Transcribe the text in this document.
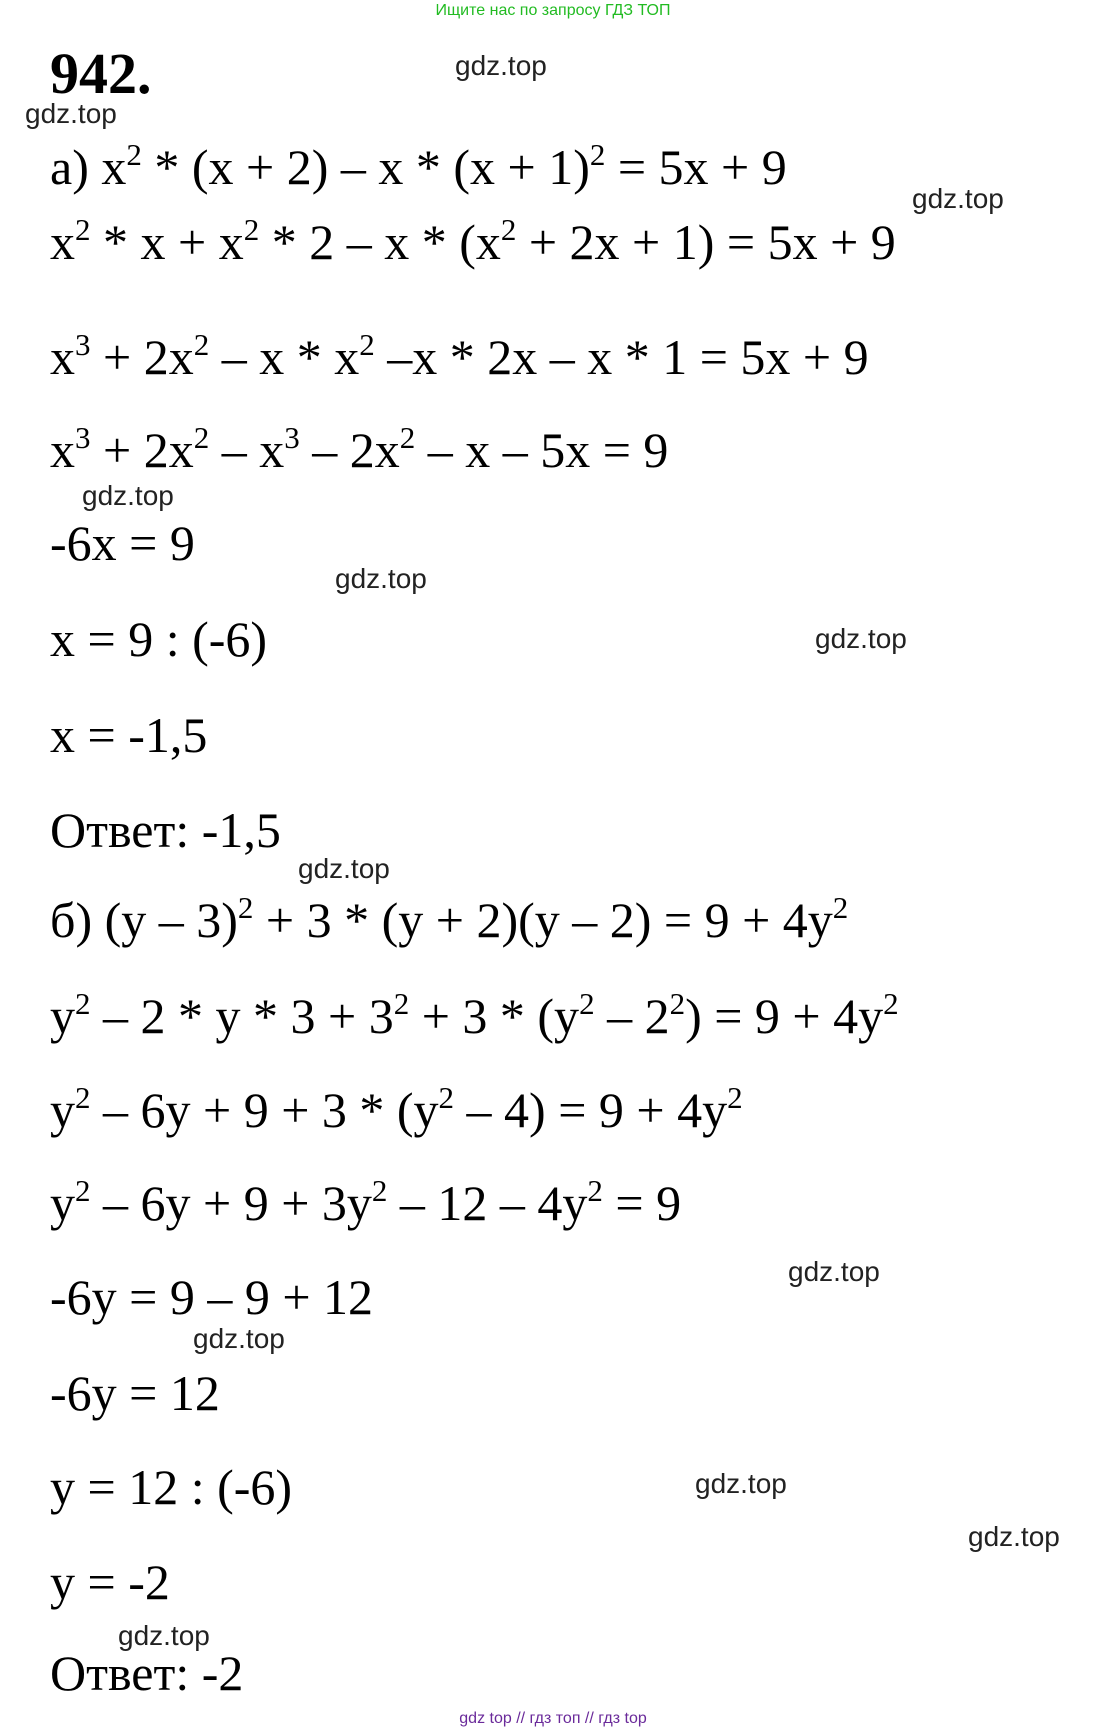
Ищите нас по запросу ГДЗ ТОП
942.
а) $x^2 * (x + 2) - x * (x + 1)^2 = 5x + 9$
$x^2 * x + x^2 * 2 - x * (x^2 + 2x + 1) = 5x + 9$
$x^3 + 2x^2 - x * x^2$ –x * 2x – x * 1 = 5x + 9
$x^3 + 2x^2 - x^3 - 2x^2 - x - 5x = 9$
-6x = 9
x = 9 : (-6)
x = -1,5
Ответ: -1,5
б) $(y - 3)^2 + 3 * (y + 2)(y - 2) = 9 + 4y^2$
$y^2 - 2 * y * 3 + 3^2 + 3 * (y^2 - 2^2) = 9 + 4y^2$
$y^2 - 6y + 9 + 3 * (y^2 - 4) = 9 + 4y^2$
$y^2 - 6y + 9 + 3y^2 - 12 - 4y^2 = 9$
-6y = 9 – 9 + 12
-6y = 12
y = 12 : (-6)
y = -2
Ответ: -2
gdz.top
gdz.top
gdz.top
gdz.top
gdz.top
gdz.top
gdz.top
gdz.top
gdz.top
gdz.top
gdz.top
gdz.top
gdz top // гдз топ // гдз top
